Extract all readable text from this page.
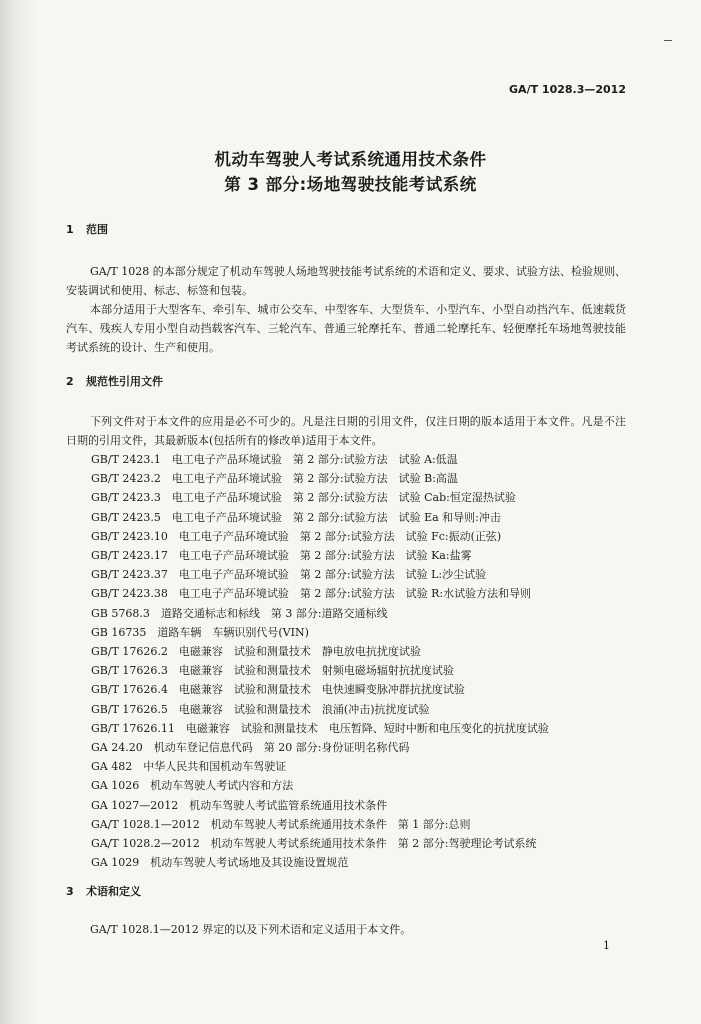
GA/T 1028.3—2012
机动车驾驶人考试系统通用技术条件
第 3 部分:场地驾驶技能考试系统
1 范围
GA/T 1028 的本部分规定了机动车驾驶人场地驾驶技能考试系统的术语和定义、要求、试验方法、检验规则、安装调试和使用、标志、标签和包装。
本部分适用于大型客车、牵引车、城市公交车、中型客车、大型货车、小型汽车、小型自动挡汽车、低速载货汽车、残疾人专用小型自动挡载客汽车、三轮汽车、普通三轮摩托车、普通二轮摩托车、轻便摩托车场地驾驶技能考试系统的设计、生产和使用。
2 规范性引用文件
下列文件对于本文件的应用是必不可少的。凡是注日期的引用文件，仅注日期的版本适用于本文件。凡是不注日期的引用文件，其最新版本(包括所有的修改单)适用于本文件。
GB/T 2423.1　电工电子产品环境试验　第 2 部分:试验方法　试验 A:低温
GB/T 2423.2　电工电子产品环境试验　第 2 部分:试验方法　试验 B:高温
GB/T 2423.3　电工电子产品环境试验　第 2 部分:试验方法　试验 Cab:恒定湿热试验
GB/T 2423.5　电工电子产品环境试验　第 2 部分:试验方法　试验 Ea 和导则:冲击
GB/T 2423.10　电工电子产品环境试验　第 2 部分:试验方法　试验 Fc:振动(正弦)
GB/T 2423.17　电工电子产品环境试验　第 2 部分:试验方法　试验 Ka:盐雾
GB/T 2423.37　电工电子产品环境试验　第 2 部分:试验方法　试验 L:沙尘试验
GB/T 2423.38　电工电子产品环境试验　第 2 部分:试验方法　试验 R:水试验方法和导则
GB 5768.3　道路交通标志和标线　第 3 部分:道路交通标线
GB 16735　道路车辆　车辆识别代号(VIN)
GB/T 17626.2　电磁兼容　试验和测量技术　静电放电抗扰度试验
GB/T 17626.3　电磁兼容　试验和测量技术　射频电磁场辐射抗扰度试验
GB/T 17626.4　电磁兼容　试验和测量技术　电快速瞬变脉冲群抗扰度试验
GB/T 17626.5　电磁兼容　试验和测量技术　浪涌(冲击)抗扰度试验
GB/T 17626.11　电磁兼容　试验和测量技术　电压暂降、短时中断和电压变化的抗扰度试验
GA 24.20　机动车登记信息代码　第 20 部分:身份证明名称代码
GA 482　中华人民共和国机动车驾驶证
GA 1026　机动车驾驶人考试内容和方法
GA 1027—2012　机动车驾驶人考试监管系统通用技术条件
GA/T 1028.1—2012　机动车驾驶人考试系统通用技术条件　第 1 部分:总则
GA/T 1028.2—2012　机动车驾驶人考试系统通用技术条件　第 2 部分:驾驶理论考试系统
GA 1029　机动车驾驶人考试场地及其设施设置规范
3 术语和定义
GA/T 1028.1—2012 界定的以及下列术语和定义适用于本文件。
1
